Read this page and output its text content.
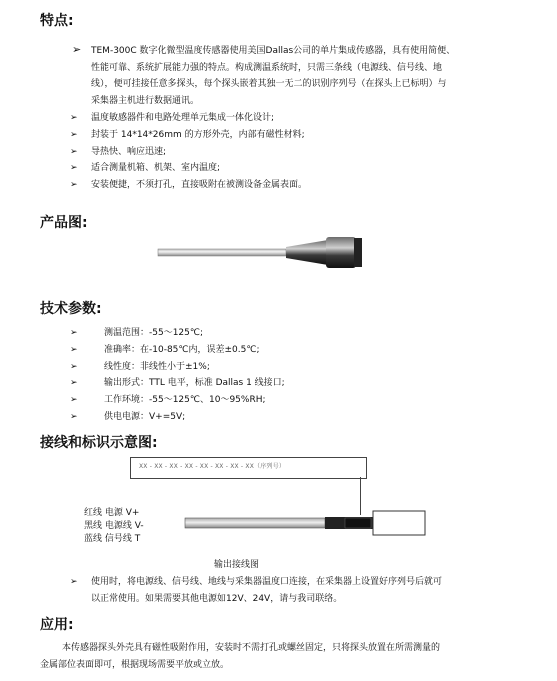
特点:
➢ TEM-300C 数字化微型温度传感器使用美国Dallas公司的单片集成传感器，具有使用简便、
性能可靠、系统扩展能力强的特点。构成测温系统时，只需三条线（电源线、信号线、地
线），便可挂接任意多探头，每个探头嵌着其独一无二的识别序列号（在探头上已标明）与
采集器主机进行数据通讯。
➢ 温度敏感器件和电路处理单元集成一体化设计;
➢ 封装于 14*14*26mm 的方形外壳，内部有磁性材料;
➢ 导热快、响应迅速;
➢ 适合测量机箱、机架、室内温度;
➢ 安装便捷，不须打孔，直接吸附在被测设备金属表面。
产品图:
技术参数:
➢	测温范围：-55～125℃;
➢	准确率：在-10-85℃内，误差±0.5℃;
➢	线性度：非线性小于±1%;
➢	输出形式：TTL 电平，标准 Dallas 1 线接口;
➢	工作环境：-55～125℃、10～95%RH;
➢	供电电源：V+=5V;
接线和标识示意图:
XX - XX - XX - XX - XX - XX - XX - XX（序列号）
红线 电源 V+
黑线 电源线 V-
蓝线 信号线 T
输出接线图
➢ 使用时，将电源线、信号线、地线与采集器温度口连接，在采集器上设置好序列号后就可
以正常使用。如果需要其他电源如12V、24V，请与我司联络。
应用:
本传感器探头外壳具有磁性吸附作用，安装时不需打孔或螺丝固定，只将探头放置在所需测量的
金属部位表面即可，根据现场需要平放或立放。
